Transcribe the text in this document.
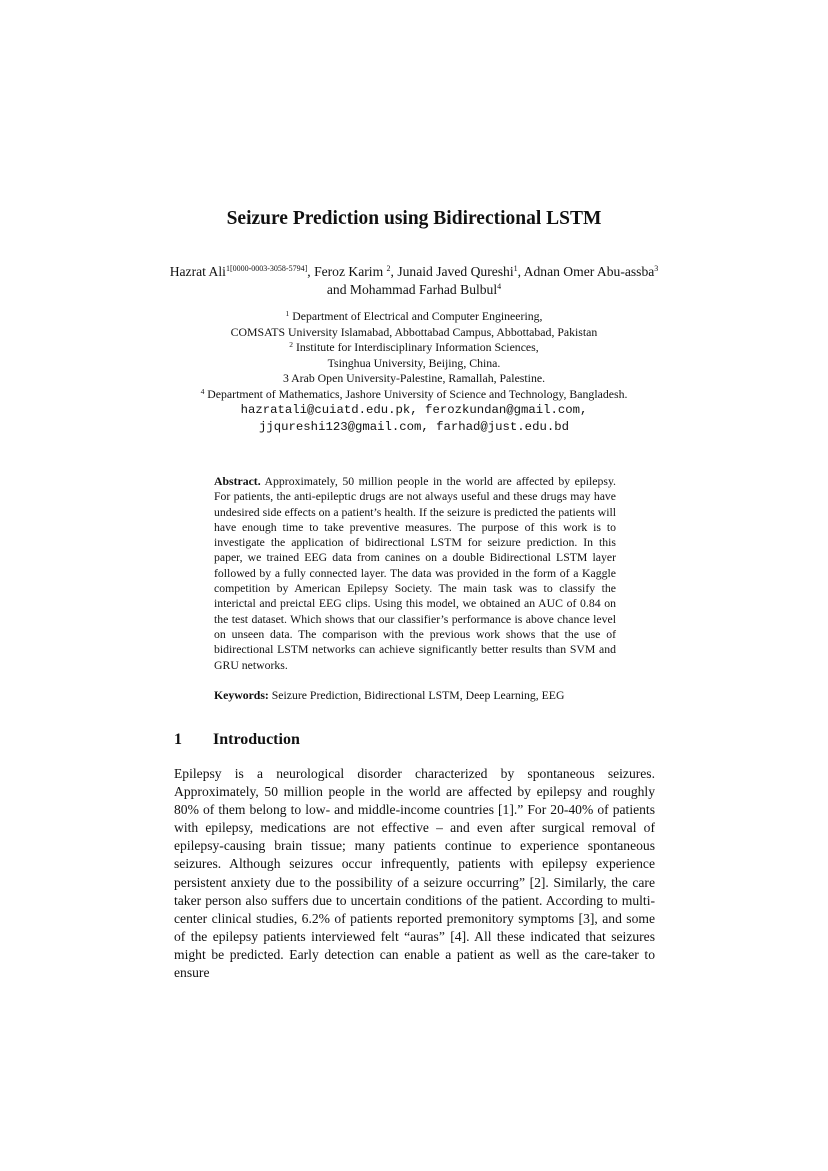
Seizure Prediction using Bidirectional LSTM
Hazrat Ali$^{1[0000-0003-3058-5794]}$, Feroz Karim $^2$, Junaid Javed Qureshi$^1$, Adnan Omer Abu-assba$^3$ and Mohammad Farhad Bulbul$^4$
$^1$ Department of Electrical and Computer Engineering,
COMSATS University Islamabad, Abbottabad Campus, Abbottabad, Pakistan
$^2$ Institute for Interdisciplinary Information Sciences,
Tsinghua University, Beijing, China.
3 Arab Open University-Palestine, Ramallah, Palestine.
$^4$ Department of Mathematics, Jashore University of Science and Technology, Bangladesh.
hazratali@cuiatd.edu.pk, ferozkundan@gmail.com,
jjqureshi123@gmail.com, farhad@just.edu.bd
Abstract. Approximately, 50 million people in the world are affected by epilepsy. For patients, the anti-epileptic drugs are not always useful and these drugs may have undesired side effects on a patient’s health. If the seizure is predicted the patients will have enough time to take preventive measures. The purpose of this work is to investigate the application of bidirectional LSTM for seizure prediction. In this paper, we trained EEG data from canines on a double Bidirectional LSTM layer followed by a fully connected layer. The data was provided in the form of a Kaggle competition by American Epilepsy Society. The main task was to classify the interictal and preictal EEG clips. Using this model, we obtained an AUC of 0.84 on the test dataset. Which shows that our classifier’s performance is above chance level on unseen data. The comparison with the previous work shows that the use of bidirectional LSTM networks can achieve significantly better results than SVM and GRU networks.
Keywords: Seizure Prediction, Bidirectional LSTM, Deep Learning, EEG
1 Introduction
Epilepsy is a neurological disorder characterized by spontaneous seizures. Approximately, 50 million people in the world are affected by epilepsy and roughly 80% of them belong to low- and middle-income countries [1].” For 20-40% of patients with epilepsy, medications are not effective – and even after surgical removal of epilepsy-causing brain tissue; many patients continue to experience spontaneous seizures. Although seizures occur infrequently, patients with epilepsy experience persistent anxiety due to the possibility of a seizure occurring” [2]. Similarly, the care taker person also suffers due to uncertain conditions of the patient. According to multi-center clinical studies, 6.2% of patients reported premonitory symptoms [3], and some of the epilepsy patients interviewed felt “auras” [4]. All these indicated that seizures might be predicted. Early detection can enable a patient as well as the care-taker to ensure
